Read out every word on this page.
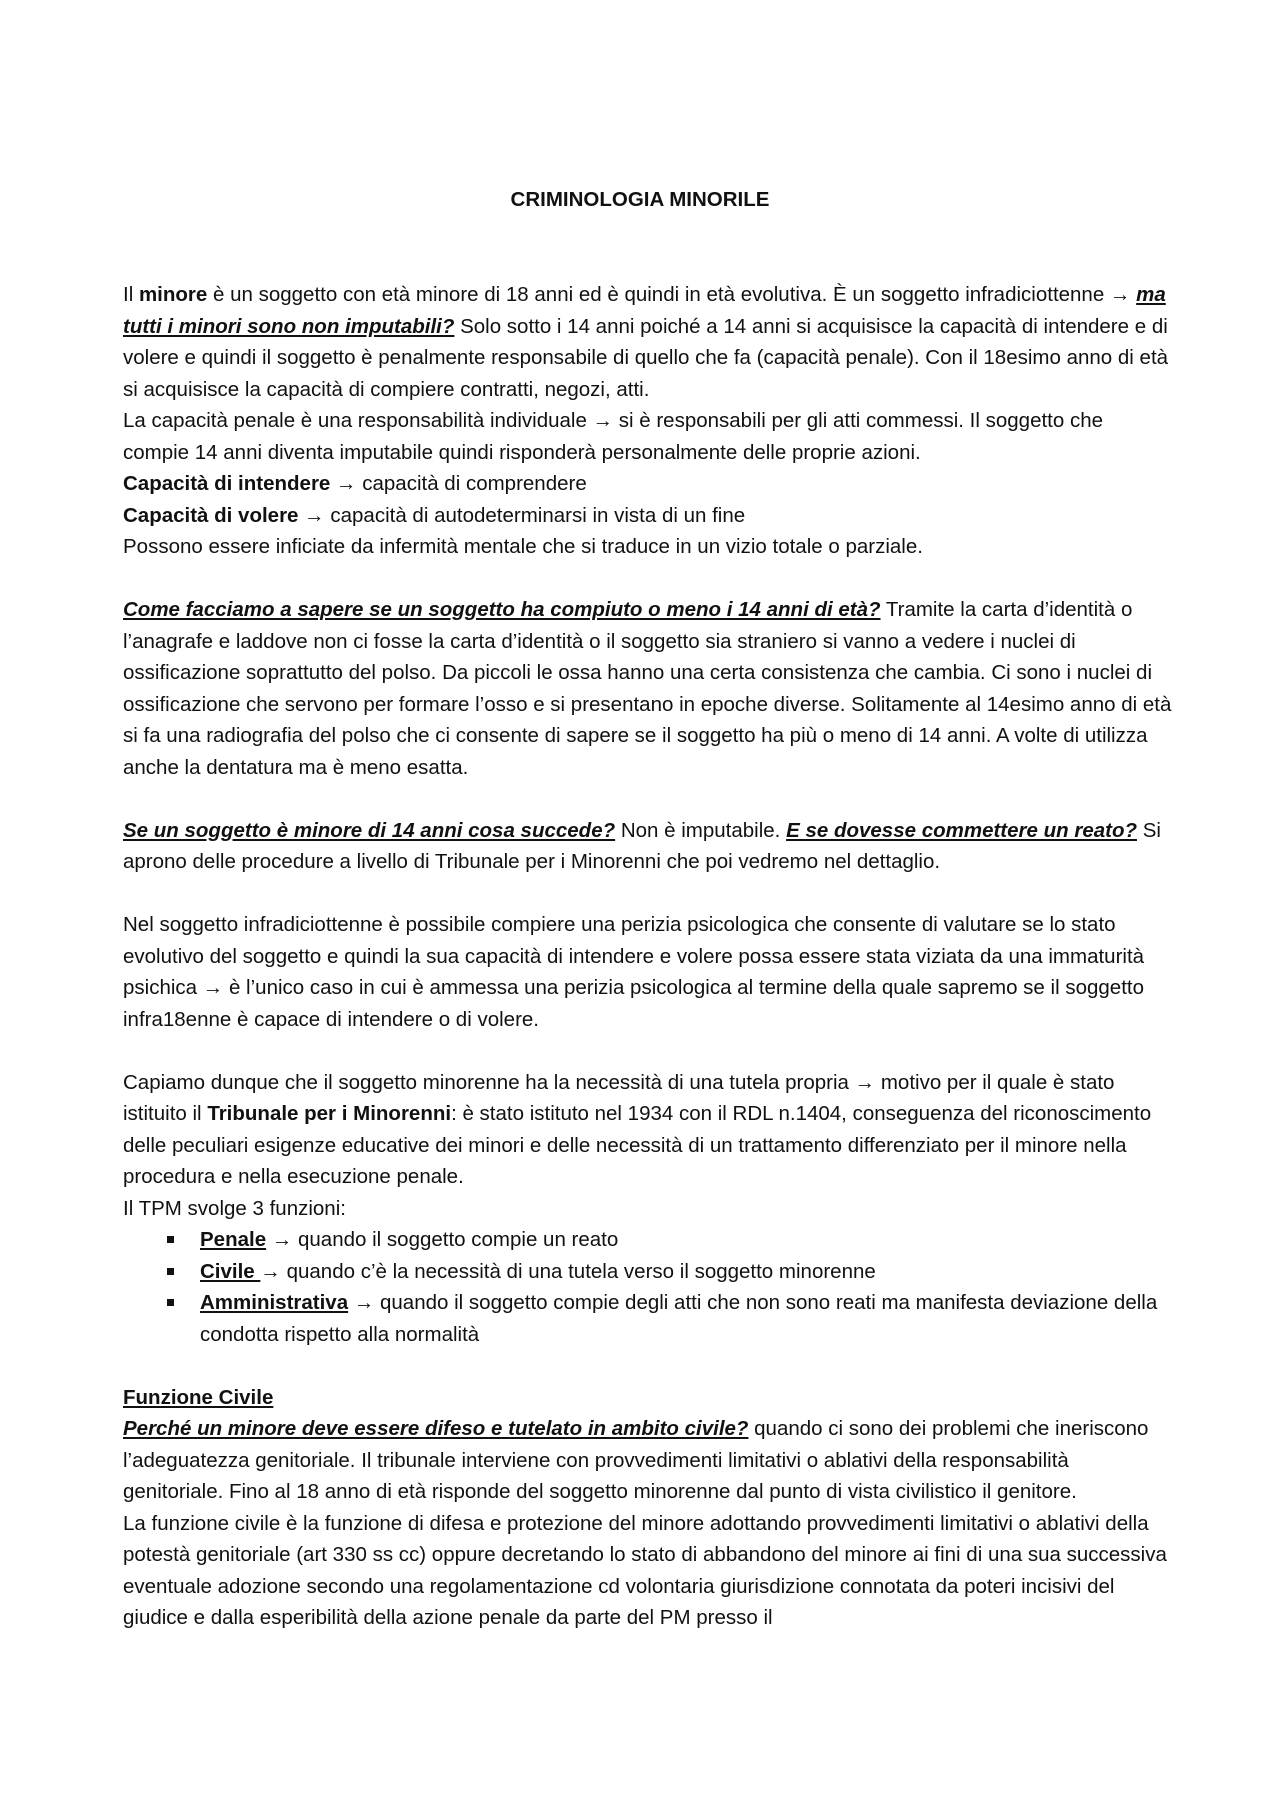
CRIMINOLOGIA MINORILE

Il minore è un soggetto con età minore di 18 anni ed è quindi in età evolutiva. È un soggetto infradiciottenne → ma tutti i minori sono non imputabili? Solo sotto i 14 anni poiché a 14 anni si acquisisce la capacità di intendere e di volere e quindi il soggetto è penalmente responsabile di quello che fa (capacità penale). Con il 18esimo anno di età si acquisisce la capacità di compiere contratti, negozi, atti.

La capacità penale è una responsabilità individuale → si è responsabili per gli atti commessi. Il soggetto che compie 14 anni diventa imputabile quindi risponderà personalmente delle proprie azioni.

Capacità di intendere → capacità di comprendere

Capacità di volere → capacità di autodeterminarsi in vista di un fine

Possono essere inficiate da infermità mentale che si traduce in un vizio totale o parziale.

Come facciamo a sapere se un soggetto ha compiuto o meno i 14 anni di età? Tramite la carta d’identità o l’anagrafe e laddove non ci fosse la carta d’identità o il soggetto sia straniero si vanno a vedere i nuclei di ossificazione soprattutto del polso. Da piccoli le ossa hanno una certa consistenza che cambia. Ci sono i nuclei di ossificazione che servono per formare l’osso e si presentano in epoche diverse. Solitamente al 14esimo anno di età si fa una radiografia del polso che ci consente di sapere se il soggetto ha più o meno di 14 anni. A volte di utilizza anche la dentatura ma è meno esatta.

Se un soggetto è minore di 14 anni cosa succede? Non è imputabile. E se dovesse commettere un reato? Si aprono delle procedure a livello di Tribunale per i Minorenni che poi vedremo nel dettaglio.

Nel soggetto infradiciottenne è possibile compiere una perizia psicologica che consente di valutare se lo stato evolutivo del soggetto e quindi la sua capacità di intendere e volere possa essere stata viziata da una immaturità psichica → è l’unico caso in cui è ammessa una perizia psicologica al termine della quale sapremo se il soggetto infra18enne è capace di intendere o di volere.

Capiamo dunque che il soggetto minorenne ha la necessità di una tutela propria → motivo per il quale è stato istituito il Tribunale per i Minorenni: è stato istituto nel 1934 con il RDL n.1404, conseguenza del riconoscimento delle peculiari esigenze educative dei minori e delle necessità di un trattamento differenziato per il minore nella procedura e nella esecuzione penale.

Il TPM svolge 3 funzioni:

Penale → quando il soggetto compie un reato
Civile → quando c’è la necessità di una tutela verso il soggetto minorenne
Amministrativa → quando il soggetto compie degli atti che non sono reati ma manifesta deviazione della condotta rispetto alla normalità

Funzione Civile

Perché un minore deve essere difeso e tutelato in ambito civile? quando ci sono dei problemi che ineriscono l’adeguatezza genitoriale. Il tribunale interviene con provvedimenti limitativi o ablativi della responsabilità genitoriale. Fino al 18 anno di età risponde del soggetto minorenne dal punto di vista civilistico il genitore.

La funzione civile è la funzione di difesa e protezione del minore adottando provvedimenti limitativi o ablativi della potestà genitoriale (art 330 ss cc) oppure decretando lo stato di abbandono del minore ai fini di una sua successiva eventuale adozione secondo una regolamentazione cd volontaria giurisdizione connotata da poteri incisivi del giudice e dalla esperibilità della azione penale da parte del PM presso il
